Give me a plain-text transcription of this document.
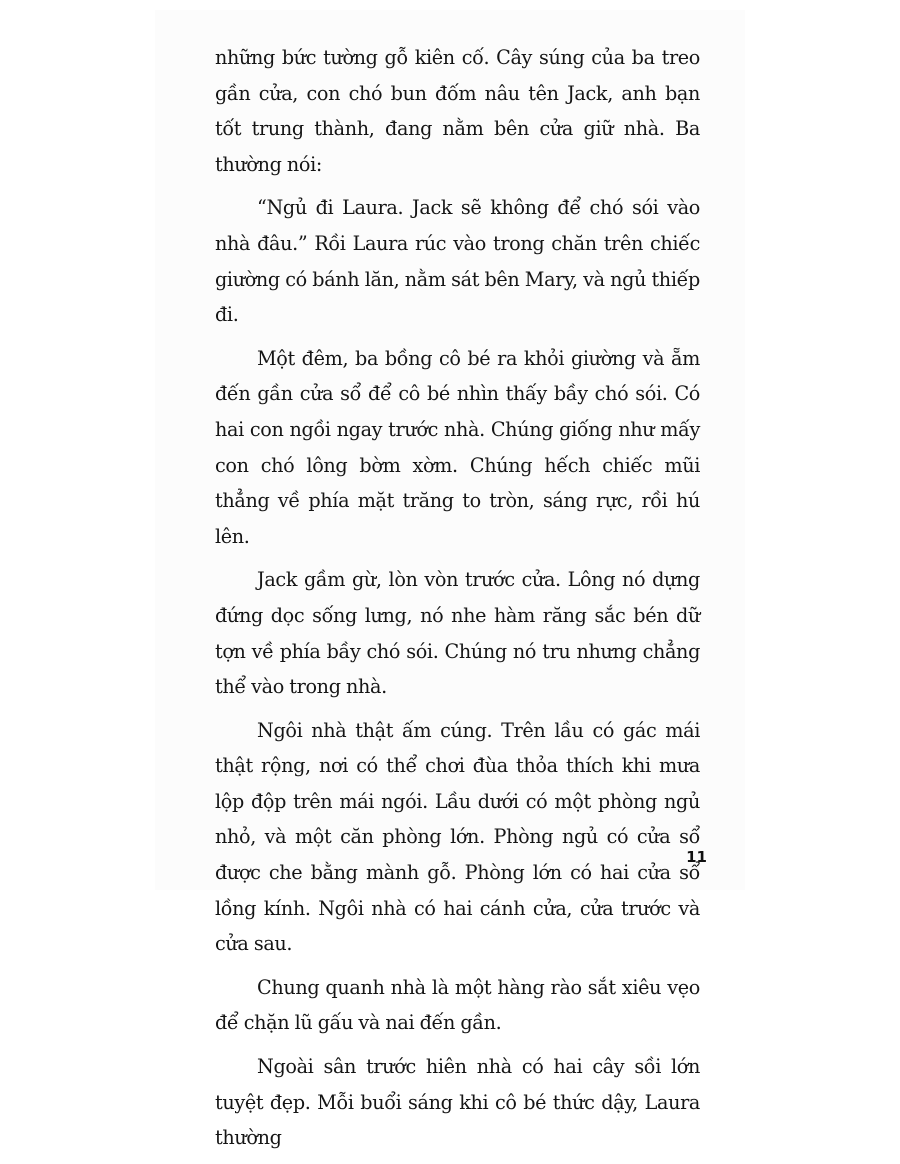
những bức tường gỗ kiên cố. Cây súng của ba treo gần cửa, con chó bun đốm nâu tên Jack, anh bạn tốt trung thành, đang nằm bên cửa giữ nhà. Ba thường nói:

“Ngủ đi Laura. Jack sẽ không để chó sói vào nhà đâu.” Rồi Laura rúc vào trong chăn trên chiếc giường có bánh lăn, nằm sát bên Mary, và ngủ thiếp đi.

Một đêm, ba bồng cô bé ra khỏi giường và ẵm đến gần cửa sổ để cô bé nhìn thấy bầy chó sói. Có hai con ngồi ngay trước nhà. Chúng giống như mấy con chó lông bờm xờm. Chúng hếch chiếc mũi thẳng về phía mặt trăng to tròn, sáng rực, rồi hú lên.

Jack gầm gừ, lòn vòn trước cửa. Lông nó dựng đứng dọc sống lưng, nó nhe hàm răng sắc bén dữ tợn về phía bầy chó sói. Chúng nó tru nhưng chẳng thể vào trong nhà.

Ngôi nhà thật ấm cúng. Trên lầu có gác mái thật rộng, nơi có thể chơi đùa thỏa thích khi mưa lộp độp trên mái ngói. Lầu dưới có một phòng ngủ nhỏ, và một căn phòng lớn. Phòng ngủ có cửa sổ được che bằng mành gỗ. Phòng lớn có hai cửa sổ lồng kính. Ngôi nhà có hai cánh cửa, cửa trước và cửa sau.

Chung quanh nhà là một hàng rào sắt xiêu vẹo để chặn lũ gấu và nai đến gần.

Ngoài sân trước hiên nhà có hai cây sồi lớn tuyệt đẹp. Mỗi buổi sáng khi cô bé thức dậy, Laura thường

11
